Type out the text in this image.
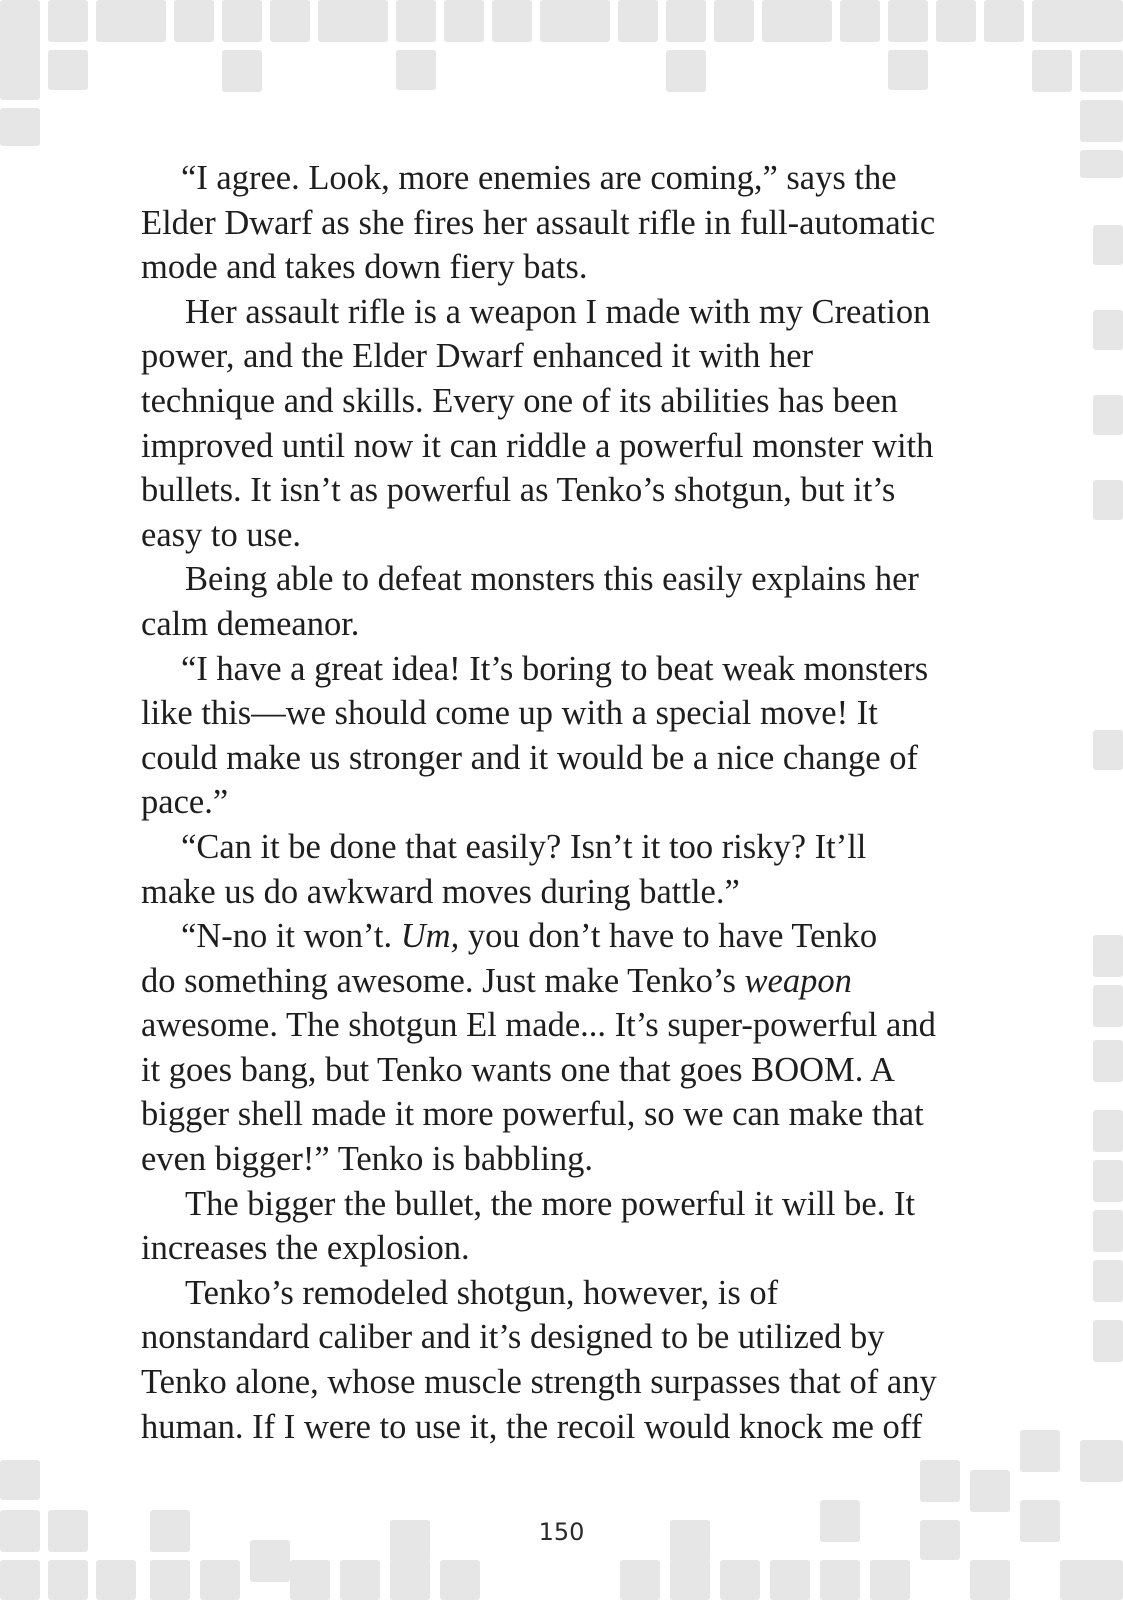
“I agree. Look, more enemies are coming,” says the
Elder Dwarf as she fires her assault rifle in full-automatic
mode and takes down fiery bats.
Her assault rifle is a weapon I made with my Creation
power, and the Elder Dwarf enhanced it with her
technique and skills. Every one of its abilities has been
improved until now it can riddle a powerful monster with
bullets. It isn’t as powerful as Tenko’s shotgun, but it’s
easy to use.
Being able to defeat monsters this easily explains her
calm demeanor.
“I have a great idea! It’s boring to beat weak monsters
like this—we should come up with a special move! It
could make us stronger and it would be a nice change of
pace.”
“Can it be done that easily? Isn’t it too risky? It’ll
make us do awkward moves during battle.”
“N-no it won’t. Um, you don’t have to have Tenko
do something awesome. Just make Tenko’s weapon
awesome. The shotgun El made... It’s super-powerful and
it goes bang, but Tenko wants one that goes BOOM. A
bigger shell made it more powerful, so we can make that
even bigger!” Tenko is babbling.
The bigger the bullet, the more powerful it will be. It
increases the explosion.
Tenko’s remodeled shotgun, however, is of
nonstandard caliber and it’s designed to be utilized by
Tenko alone, whose muscle strength surpasses that of any
human. If I were to use it, the recoil would knock me off
150
